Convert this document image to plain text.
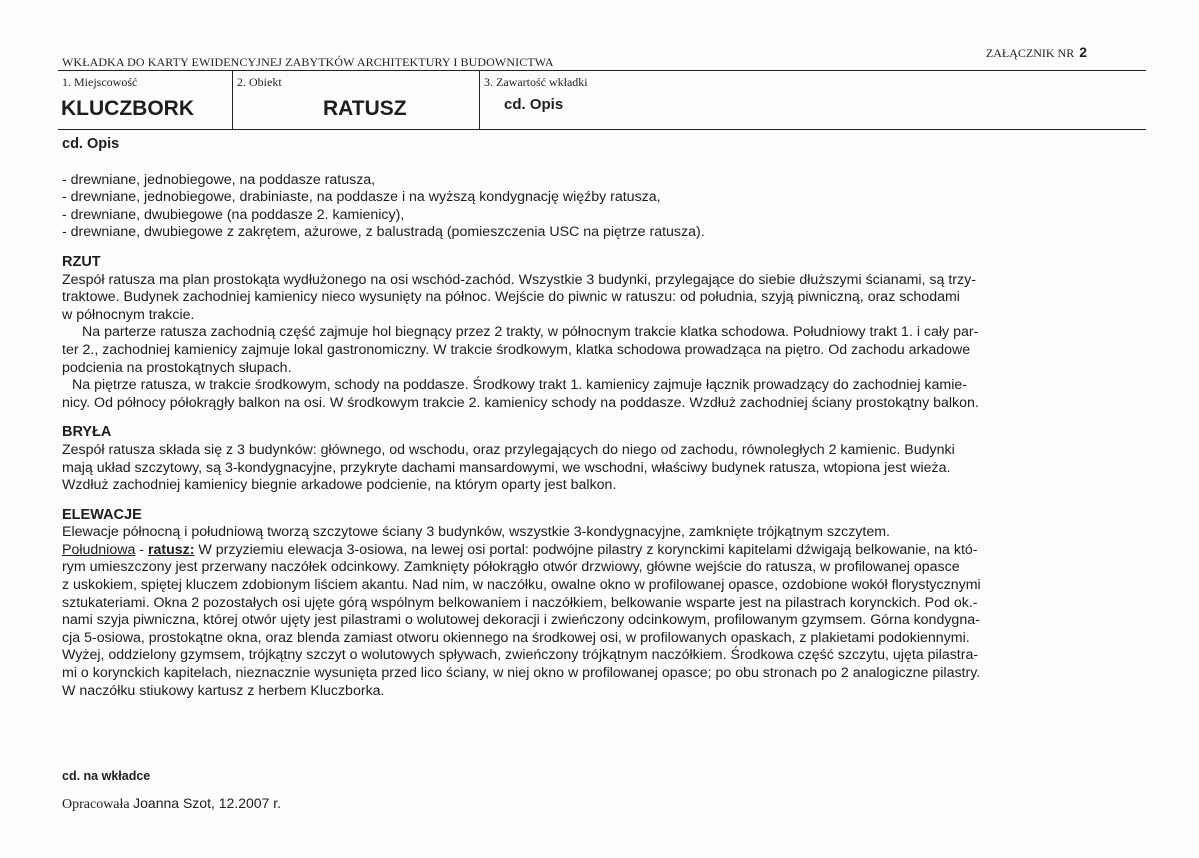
WKŁADKA DO KARTY EWIDENCYJNEJ ZABYTKÓW ARCHITEKTURY I BUDOWNICTWA
ZAŁĄCZNIK NR 2
1. Miejscowość
KLUCZBORK
2. Obiekt
RATUSZ
3. Zawartość wkładki
cd. Opis
cd. Opis
- drewniane, jednobiegowe, na poddasze ratusza,
- drewniane, jednobiegowe, drabiniaste, na poddasze i na wyższą kondygnację więźby ratusza,
- drewniane, dwubiegowe (na poddasze 2. kamienicy),
- drewniane, dwubiegowe z zakrętem, ażurowe, z balustradą (pomieszczenia USC na piętrze ratusza).
RZUT
Zespół ratusza ma plan prostokąta wydłużonego na osi wschód-zachód. Wszystkie 3 budynki, przylegające do siebie dłuższymi ścianami, są trzy-
traktowe. Budynek zachodniej kamienicy nieco wysunięty na północ. Wejście do piwnic w ratuszu: od południa, szyją piwniczną, oraz schodami
w północnym trakcie.
Na parterze ratusza zachodnią część zajmuje hol biegnący przez 2 trakty, w północnym trakcie klatka schodowa. Południowy trakt 1. i cały par-
ter 2., zachodniej kamienicy zajmuje lokal gastronomiczny. W trakcie środkowym, klatka schodowa prowadząca na piętro. Od zachodu arkadowe
podcienia na prostokątnych słupach.
Na piętrze ratusza, w trakcie środkowym, schody na poddasze. Środkowy trakt 1. kamienicy zajmuje łącznik prowadzący do zachodniej kamie-
nicy. Od północy półokrągły balkon na osi. W środkowym trakcie 2. kamienicy schody na poddasze. Wzdłuż zachodniej ściany prostokątny balkon.
BRYŁA
Zespół ratusza składa się z 3 budynków: głównego, od wschodu, oraz przylegających do niego od zachodu, równoległych 2 kamienic. Budynki
mają układ szczytowy, są 3-kondygnacyjne, przykryte dachami mansardowymi, we wschodni, właściwy budynek ratusza, wtopiona jest wieża.
Wzdłuż zachodniej kamienicy biegnie arkadowe podcienie, na którym oparty jest balkon.
ELEWACJE
Elewacje północną i południową tworzą szczytowe ściany 3 budynków, wszystkie 3-kondygnacyjne, zamknięte trójkątnym szczytem.
Południowa - ratusz: W przyziemiu elewacja 3-osiowa, na lewej osi portal: podwójne pilastry z korynckimi kapitelami dźwigają belkowanie, na któ-
rym umieszczony jest przerwany naczółek odcinkowy. Zamknięty półokrągło otwór drzwiowy, główne wejście do ratusza, w profilowanej opasce
z uskokiem, spiętej kluczem zdobionym liściem akantu. Nad nim, w naczółku, owalne okno w profilowanej opasce, ozdobione wokół florystycznymi
sztukateriami. Okna 2 pozostałych osi ujęte górą wspólnym belkowaniem i naczółkiem, belkowanie wsparte jest na pilastrach korynckich. Pod ok.-
nami szyja piwniczna, której otwór ujęty jest pilastrami o wolutowej dekoracji i zwieńczony odcinkowym, profilowanym gzymsem. Górna kondygna-
cja 5-osiowa, prostokątne okna, oraz blenda zamiast otworu okiennego na środkowej osi, w profilowanych opaskach, z plakietami podokiennymi.
Wyżej, oddzielony gzymsem, trójkątny szczyt o wolutowych spływach, zwieńczony trójkątnym naczółkiem. Środkowa część szczytu, ujęta pilastra-
mi o korynckich kapitelach, nieznacznie wysunięta przed lico ściany, w niej okno w profilowanej opasce; po obu stronach po 2 analogiczne pilastry.
W naczółku stiukowy kartusz z herbem Kluczborka.
cd. na wkładce
Opracowała Joanna Szot, 12.2007 r.
